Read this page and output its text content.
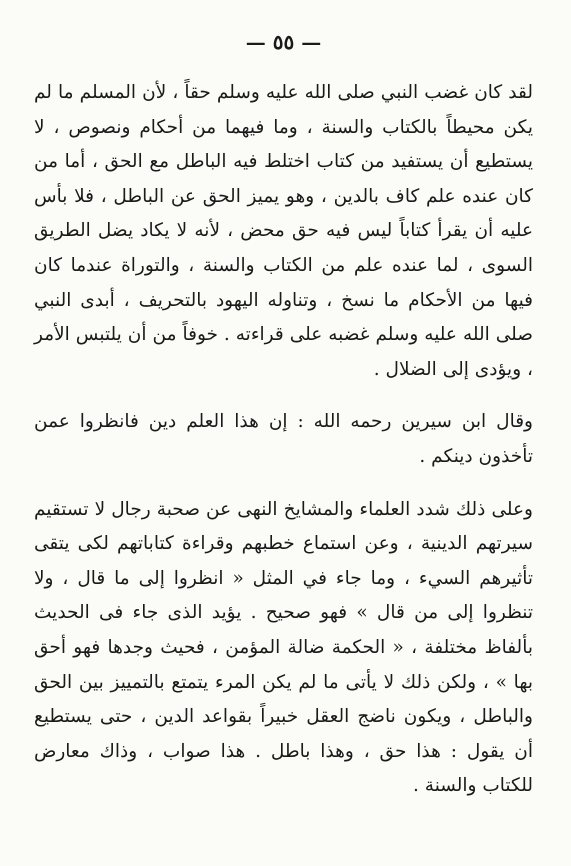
— ٥٥ —

لقد كان غضب النبي صلى الله عليه وسلم حقاً ، لأن المسلم ما لم يكن محيطاً بالكتاب والسنة ، وما فيهما من أحكام ونصوص ، لا يستطيع أن يستفيد من كتاب اختلط فيه الباطل مع الحق ، أما من كان عنده علم كاف بالدين ، وهو يميز الحق عن الباطل ، فلا بأس عليه أن يقرأ كتاباً ليس فيه حق محض ، لأنه لا يكاد يضل الطريق السوى ، لما عنده علم من الكتاب والسنة ، والتوراة عندما كان فيها من الأحكام ما نسخ ، وتناوله اليهود بالتحريف ، أبدى النبي صلى الله عليه وسلم غضبه على قراءته . خوفاً من أن يلتبس الأمر ، ويؤدى إلى الضلال .

وقال ابن سيرين رحمه الله : إن هذا العلم دين فانظروا عمن تأخذون دينكم .

وعلى ذلك شدد العلماء والمشايخ النهى عن صحبة رجال لا تستقيم سيرتهم الدينية ، وعن استماع خطبهم وقراءة كتاباتهم لكى يتقى تأثيرهم السيء ، وما جاء في المثل « انظروا إلى ما قال ، ولا تنظروا إلى من قال » فهو صحيح . يؤيد الذى جاء فى الحديث بألفاظ مختلفة ، « الحكمة ضالة المؤمن ، فحيث وجدها فهو أحق بها » ، ولكن ذلك لا يأتى ما لم يكن المرء يتمتع بالتمييز بين الحق والباطل ، ويكون ناضج العقل خبيراً بقواعد الدين ، حتى يستطيع أن يقول : هذا حق ، وهذا باطل . هذا صواب ، وذاك معارض للكتاب والسنة .
